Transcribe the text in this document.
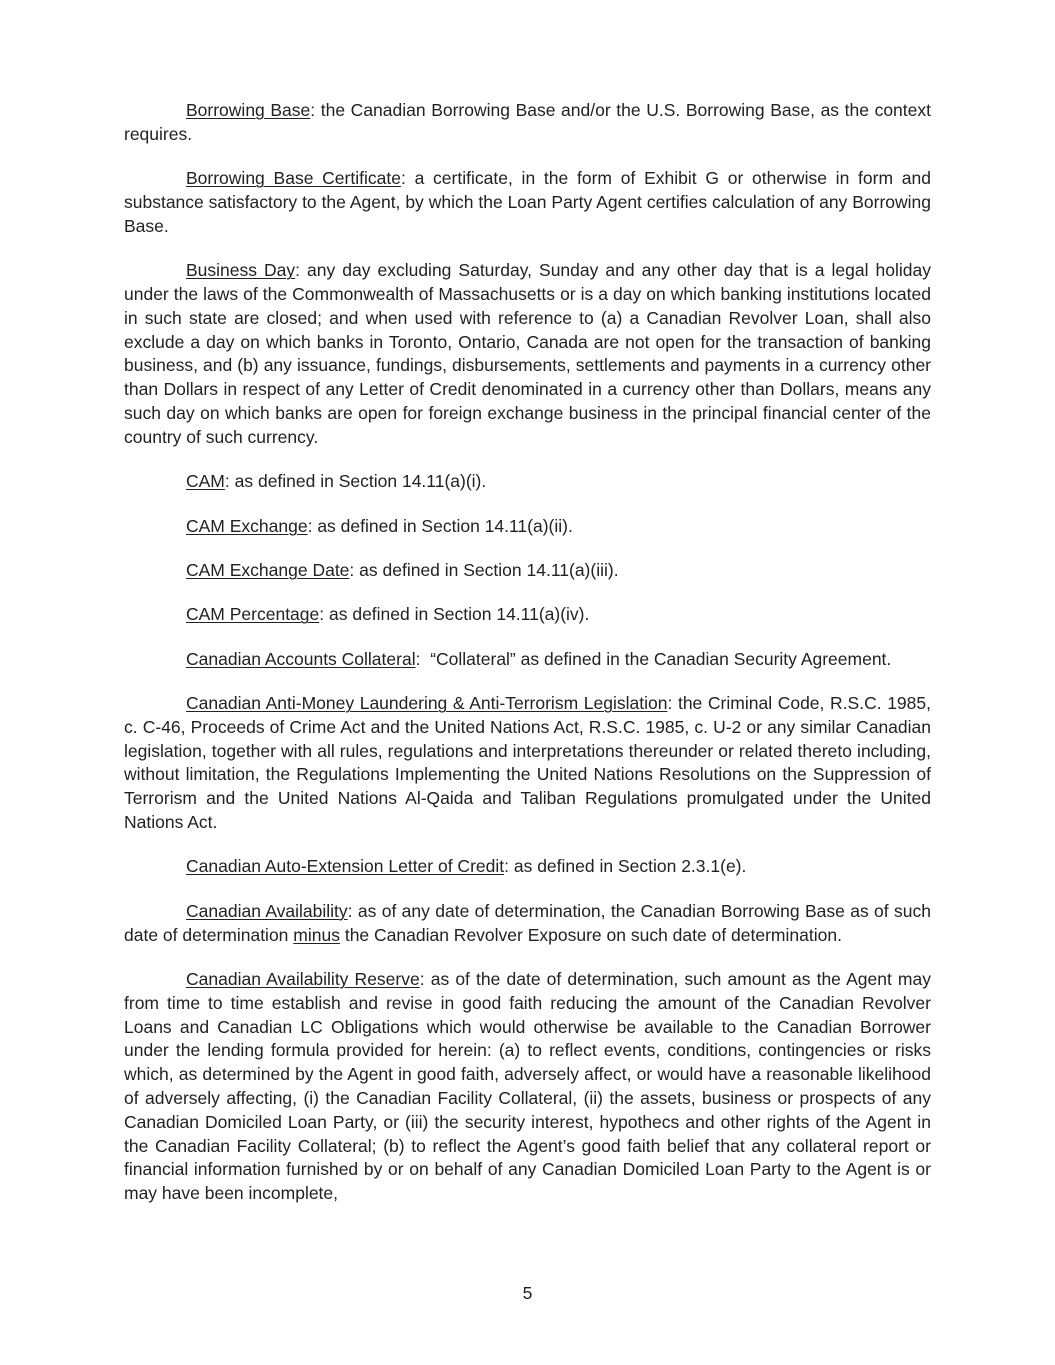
Borrowing Base: the Canadian Borrowing Base and/or the U.S. Borrowing Base, as the context requires.

Borrowing Base Certificate: a certificate, in the form of Exhibit G or otherwise in form and substance satisfactory to the Agent, by which the Loan Party Agent certifies calculation of any Borrowing Base.

Business Day: any day excluding Saturday, Sunday and any other day that is a legal holiday under the laws of the Commonwealth of Massachusetts or is a day on which banking institutions located in such state are closed; and when used with reference to (a) a Canadian Revolver Loan, shall also exclude a day on which banks in Toronto, Ontario, Canada are not open for the transaction of banking business, and (b) any issuance, fundings, disbursements, settlements and payments in a currency other than Dollars in respect of any Letter of Credit denominated in a currency other than Dollars, means any such day on which banks are open for foreign exchange business in the principal financial center of the country of such currency.

CAM: as defined in Section 14.11(a)(i).

CAM Exchange: as defined in Section 14.11(a)(ii).

CAM Exchange Date: as defined in Section 14.11(a)(iii).

CAM Percentage: as defined in Section 14.11(a)(iv).

Canadian Accounts Collateral:  “Collateral” as defined in the Canadian Security Agreement.

Canadian Anti-Money Laundering & Anti-Terrorism Legislation: the Criminal Code, R.S.C. 1985, c. C-46, Proceeds of Crime Act and the United Nations Act, R.S.C. 1985, c. U-2 or any similar Canadian legislation, together with all rules, regulations and interpretations thereunder or related thereto including, without limitation, the Regulations Implementing the United Nations Resolutions on the Suppression of Terrorism and the United Nations Al-Qaida and Taliban Regulations promulgated under the United Nations Act.

Canadian Auto-Extension Letter of Credit: as defined in Section 2.3.1(e).

Canadian Availability: as of any date of determination, the Canadian Borrowing Base as of such date of determination minus the Canadian Revolver Exposure on such date of determination.

Canadian Availability Reserve: as of the date of determination, such amount as the Agent may from time to time establish and revise in good faith reducing the amount of the Canadian Revolver Loans and Canadian LC Obligations which would otherwise be available to the Canadian Borrower under the lending formula provided for herein: (a) to reflect events, conditions, contingencies or risks which, as determined by the Agent in good faith, adversely affect, or would have a reasonable likelihood of adversely affecting, (i) the Canadian Facility Collateral, (ii) the assets, business or prospects of any Canadian Domiciled Loan Party, or (iii) the security interest, hypothecs and other rights of the Agent in the Canadian Facility Collateral; (b) to reflect the Agent’s good faith belief that any collateral report or financial information furnished by or on behalf of any Canadian Domiciled Loan Party to the Agent is or may have been incomplete,

5
